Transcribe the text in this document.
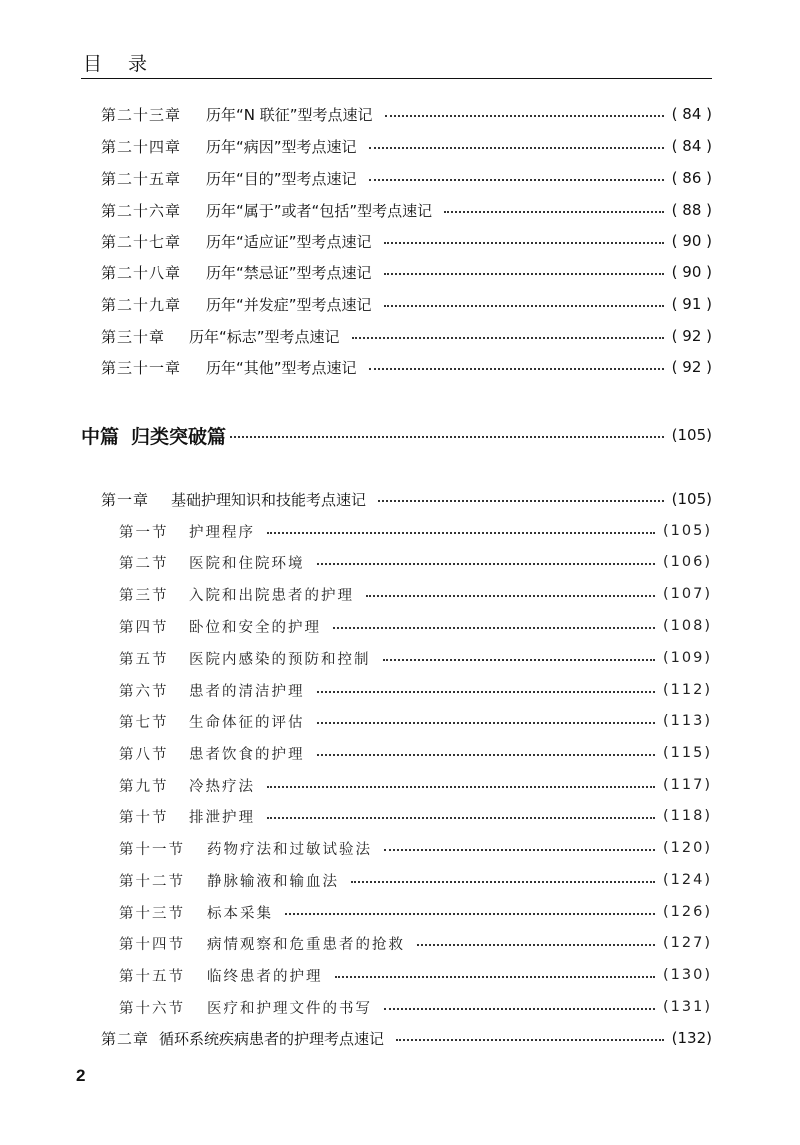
目 录
第二十三章	历年“N 联征”型考点速记	( 84 )
第二十四章	历年“病因”型考点速记	( 84 )
第二十五章	历年“目的”型考点速记	( 86 )
第二十六章	历年“属于”或者“包括”型考点速记	( 88 )
第二十七章	历年“适应证”型考点速记	( 90 )
第二十八章	历年“禁忌证”型考点速记	( 90 )
第二十九章	历年“并发症”型考点速记	( 91 )
第三十章	历年“标志”型考点速记	( 92 )
第三十一章	历年“其他”型考点速记	( 92 )
中篇 归类突破篇	(105)
第一章	基础护理知识和技能考点速记	(105)
第一节	护理程序	(105)
第二节	医院和住院环境	(106)
第三节	入院和出院患者的护理	(107)
第四节	卧位和安全的护理	(108)
第五节	医院内感染的预防和控制	(109)
第六节	患者的清洁护理	(112)
第七节	生命体征的评估	(113)
第八节	患者饮食的护理	(115)
第九节	冷热疗法	(117)
第十节	排泄护理	(118)
第十一节	药物疗法和过敏试验法	(120)
第十二节	静脉输液和输血法	(124)
第十三节	标本采集	(126)
第十四节	病情观察和危重患者的抢救	(127)
第十五节	临终患者的护理	(130)
第十六节	医疗和护理文件的书写	(131)
第二章 循环系统疾病患者的护理考点速记	(132)
2
